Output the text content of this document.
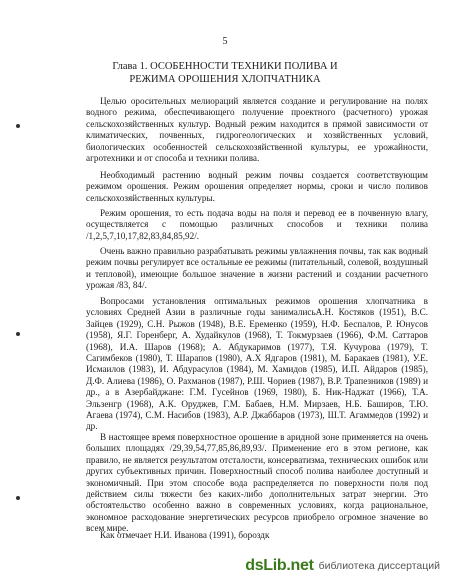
5
Глава 1. ОСОБЕННОСТИ ТЕХНИКИ ПОЛИВА И
РЕЖИМА ОРОШЕНИЯ ХЛОПЧАТНИКА

Целью оросительных мелиораций является создание и регулирование на полях водного режима, обеспечивающего получение проектного (расчетного) урожая сельскохозяйственных культур. Водный режим находится в прямой зависимости от климатических, почвенных, гидрогеологических и хозяйственных условий, биологических особенностей сельскохозяйственной культуры, ее урожайности, агротехники и от способа и техники полива.

Необходимый растению водный режим почвы создается соответствующим режимом орошения. Режим орошения определяет нормы, сроки и число поливов сельскохозяйственных культуры.

Режим орошения, то есть подача воды на поля и перевод ее в почвенную влагу, осуществляется с помощью различных способов и техники полива /1,2,5,7,10,17,82,83,84,85,92/.

Очень важно правильно разрабатывать режимы увлажнения почвы, так как водный режим почвы регулирует все остальные ее режимы (питательный, солевой, воздушный и тепловой), имеющие большое значение в жизни растений и создании расчетного урожая /83, 84/.

Вопросами установления оптимальных режимов орошения хлопчатника в условиях Средней Азии в различные годы занималисьА.Н. Костяков (1951), В.С. Зайцев (1929), С.Н. Рыжов (1948), В.Е. Еременко (1959), Н.Ф. Беспалов, Р. Юнусов (1958), Я.Г. Горенберг, А. Худайкулов (1968), Т. Токмурзаев (1966), Ф.М. Саттаров (1968), И.А. Шаров (1968); А. Абдукаримов (1977), Т.Я. Кучурова (1979), Т. Сагимбеков (1980), Т. Шарапов (1980), А.Х Ядгаров (1981), М. Баракаев (1981), У.Е. Исмаилов (1983), И. Абдурасулов (1984), М. Хамидов (1985), И.П. Айдаров (1985), Д.Ф. Алиева (1986), О. Рахманов (1987), Р.Ш. Чориев (1987), В.Р. Трапезников (1989) и др., а в Азербайджане: Г.М. Гусейнов (1969, 1980), Б. Ник-Наджат (1966), Т.А. Эльзенгр (1968), А.К. Оруджев, Г.М. Бабаев, Н.М. Мирзаев, Н.Б. Баширов, Т.Ю. Агаева (1974), С.М. Насибов (1983), А.Р. Джаббаров (1973), Ш.Т. Агаммедов (1992) и др.

В настоящее время поверхностное орошение в аридной зоне применяется на очень больших площадях /29,39,54,77,85,86,89,93/. Применение его в этом регионе, как правило, не является результатом отсталости, консерватизма, технических ошибок или других субъективных причин. Поверхностный способ полива наиболее доступный и экономичный. При этом способе вода распределяется по поверхности поля под действием силы тяжести без каких-либо дополнительных затрат энергии. Это обстоятельство особенно важно в современных условиях, когда рациональное, экономное расходование энергетических ресурсов приобрело огромное значение во всем мире.

Как отмечает Н.И. Иванова (1991), бороздк

dsLib.net библиотека диссертаций
